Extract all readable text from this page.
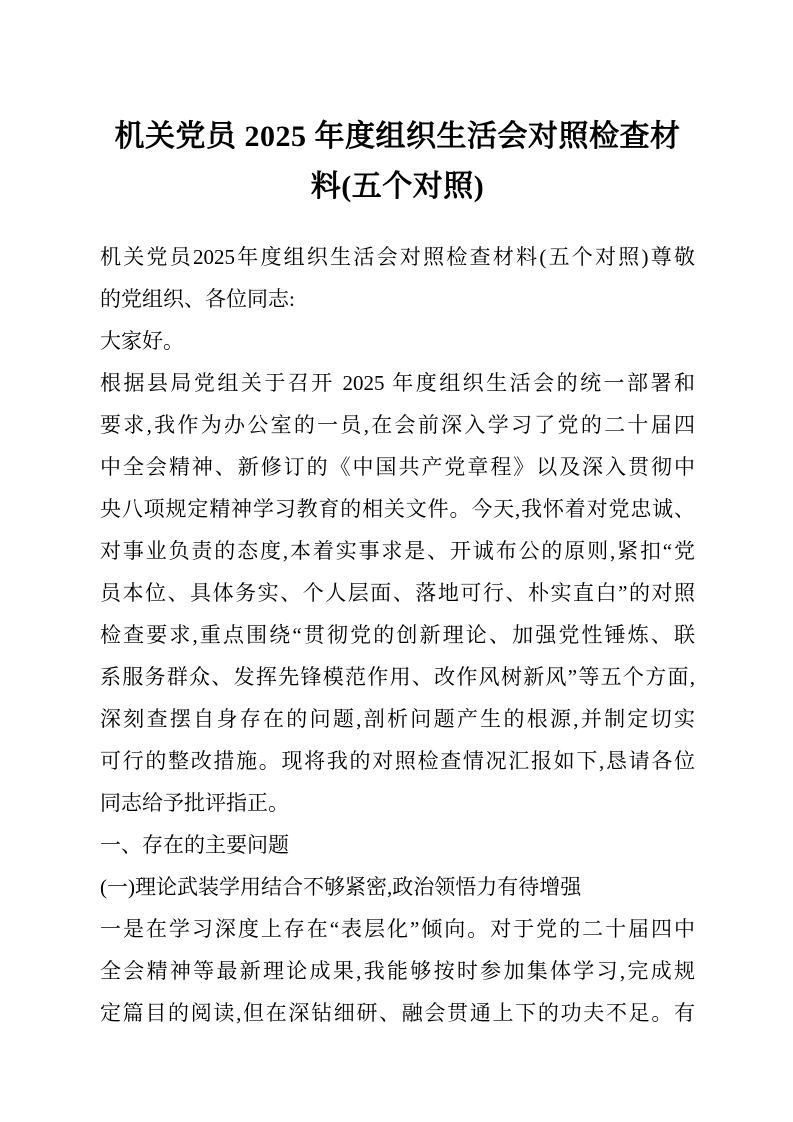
机关党员 2025 年度组织生活会对照检查材
料(五个对照)
机关党员2025年度组织生活会对照检查材料(五个对照)尊敬
的党组织、各位同志:
大家好。
根据县局党组关于召开 2025 年度组织生活会的统一部署和
要求,我作为办公室的一员,在会前深入学习了党的二十届四
中全会精神、新修订的《中国共产党章程》以及深入贯彻中
央八项规定精神学习教育的相关文件。今天,我怀着对党忠诚、
对事业负责的态度,本着实事求是、开诚布公的原则,紧扣“党
员本位、具体务实、个人层面、落地可行、朴实直白”的对照
检查要求,重点围绕“贯彻党的创新理论、加强党性锤炼、联
系服务群众、发挥先锋模范作用、改作风树新风”等五个方面,
深刻查摆自身存在的问题,剖析问题产生的根源,并制定切实
可行的整改措施。现将我的对照检查情况汇报如下,恳请各位
同志给予批评指正。
一、存在的主要问题
(一)理论武装学用结合不够紧密,政治领悟力有待增强
一是在学习深度上存在“表层化”倾向。对于党的二十届四中
全会精神等最新理论成果,我能够按时参加集体学习,完成规
定篇目的阅读,但在深钻细研、融会贯通上下的功夫不足。有
